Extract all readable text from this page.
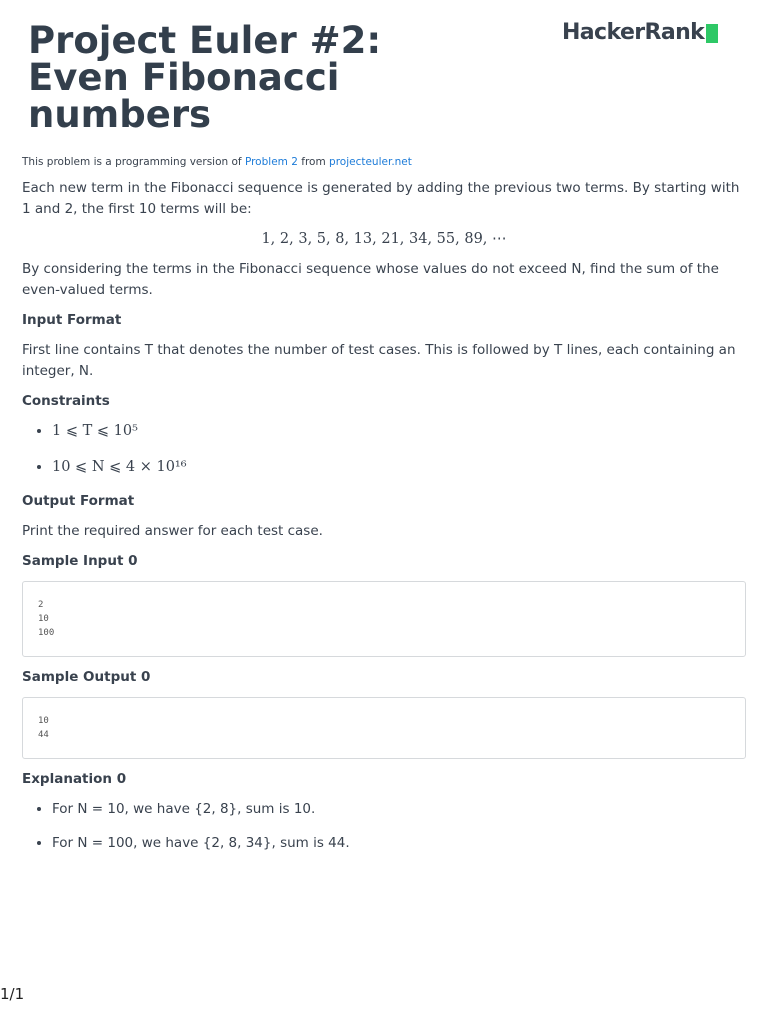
Project Euler #2:
Even Fibonacci
numbers
HackerRank

This problem is a programming version of Problem 2 from projecteuler.net

Each new term in the Fibonacci sequence is generated by adding the previous two terms. By starting with 1 and 2, the first 10 terms will be:

1, 2, 3, 5, 8, 13, 21, 34, 55, 89, ⋯

By considering the terms in the Fibonacci sequence whose values do not exceed N, find the sum of the even-valued terms.

Input Format

First line contains T that denotes the number of test cases. This is followed by T lines, each containing an integer, N.

Constraints
• 1 ⩽ T ⩽ 10⁵
• 10 ⩽ N ⩽ 4 × 10¹⁶
Output Format

Print the required answer for each test case.

Sample Input 0
2
10
100
Sample Output 0
10
44
Explanation 0
• For N = 10, we have {2, 8}, sum is 10.
• For N = 100, we have {2, 8, 34}, sum is 44.
1/1
